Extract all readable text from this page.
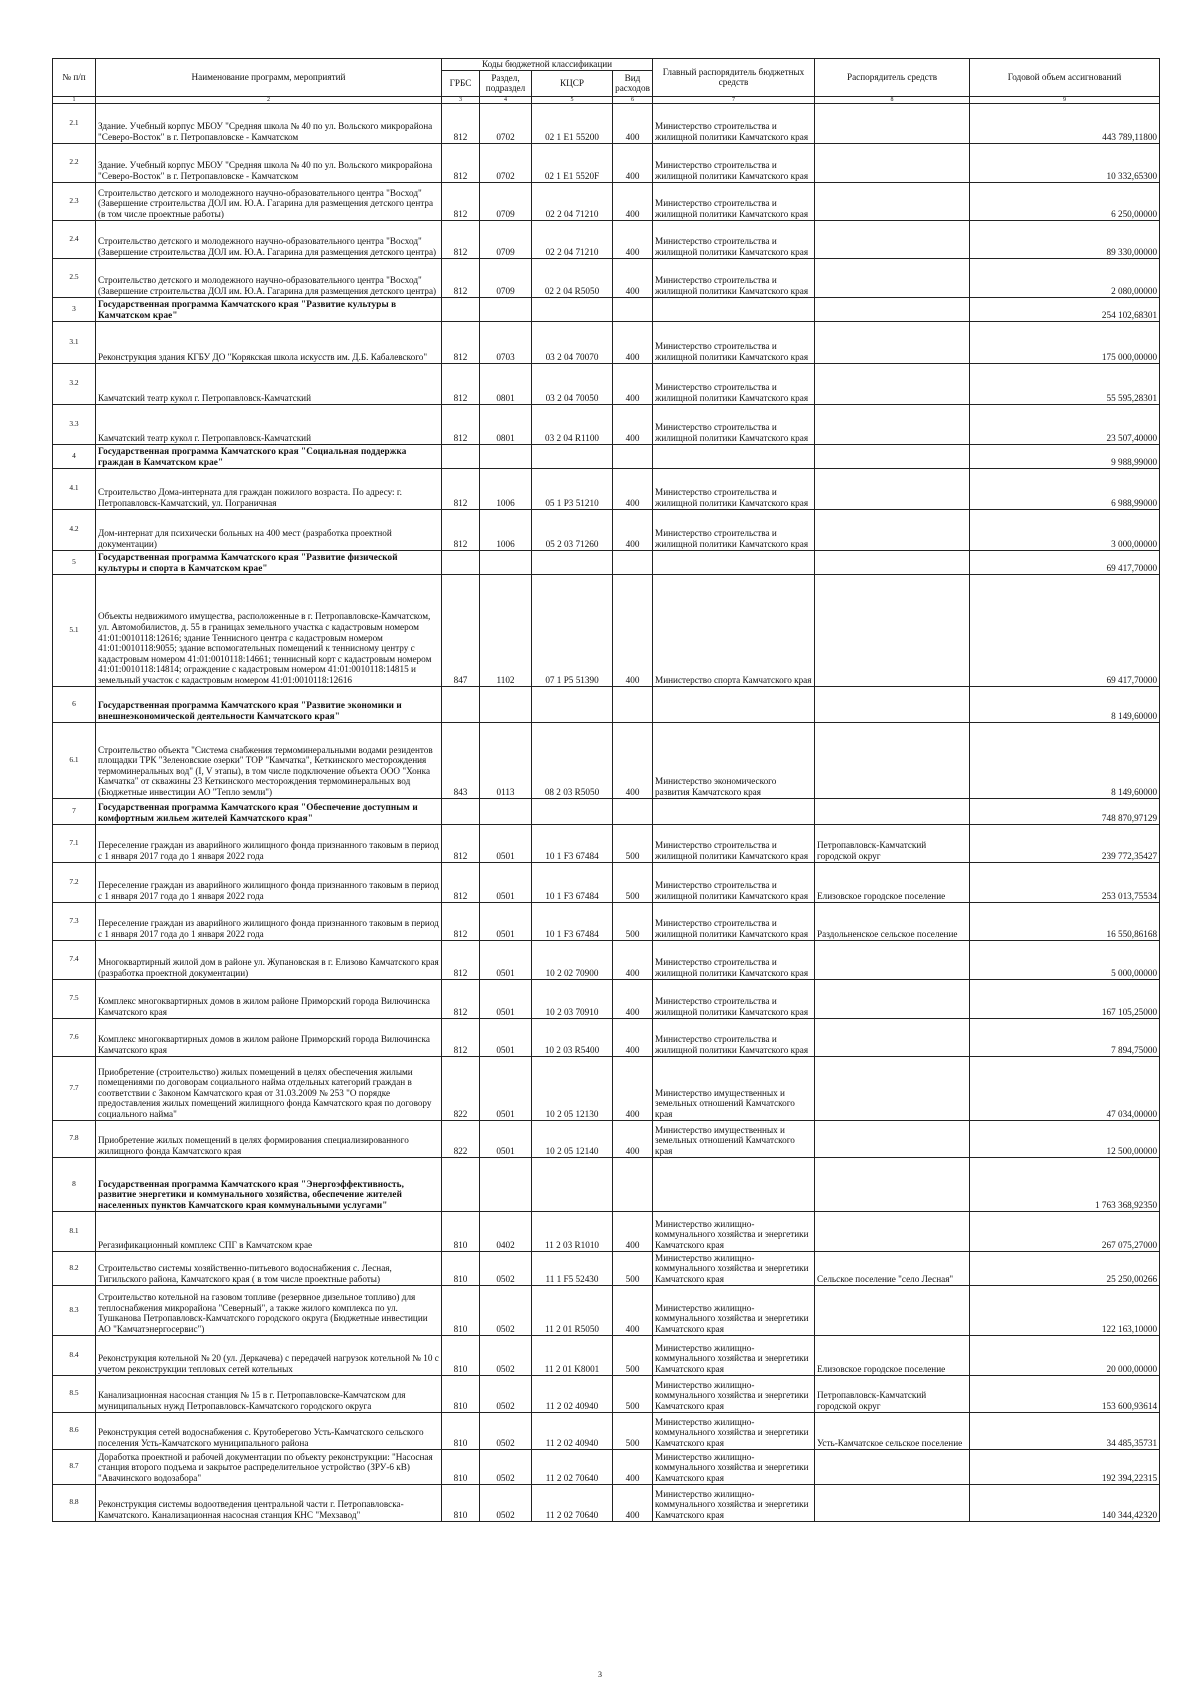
№ п/п	Наименование программ, мероприятий	Коды бюджетной классификации				Главный распорядитель бюджетных средств	Распорядитель средств	Годовой объем ассигнований
		ГРБС	Раздел, подраздел	КЦСР	Вид расходов			
1	2	3	4	5	6	7	8	9
2.1	Здание. Учебный корпус МБОУ "Средняя школа № 40 по ул. Вольского микрорайона "Северо-Восток" в г. Петропавловске - Камчатском	812	0702	02 1 Е1 55200	400	Министерство строительства и жилищной политики Камчатского края		443 789,11800
2.2	Здание. Учебный корпус МБОУ "Средняя школа № 40 по ул. Вольского микрорайона "Северо-Восток" в г. Петропавловске - Камчатском	812	0702	02 1 Е1 5520F	400	Министерство строительства и жилищной политики Камчатского края		10 332,65300
2.3	Строительство детского и молодежного научно-образовательного центра "Восход" (Завершение строительства ДОЛ им. Ю.А. Гагарина для размещения детского центра (в том числе проектные работы)	812	0709	02 2 04 71210	400	Министерство строительства и жилищной политики Камчатского края		6 250,00000
2.4	Строительство детского и молодежного научно-образовательного центра "Восход" (Завершение строительства ДОЛ им. Ю.А. Гагарина для размещения детского центра)	812	0709	02 2 04 71210	400	Министерство строительства и жилищной политики Камчатского края		89 330,00000
2.5	Строительство детского и молодежного научно-образовательного центра "Восход" (Завершение строительства ДОЛ им. Ю.А. Гагарина для размещения детского центра)	812	0709	02 2 04 R5050	400	Министерство строительства и жилищной политики Камчатского края		2 080,00000
3	Государственная программа Камчатского края "Развитие культуры в Камчатском крае"							254 102,68301
3.1	Реконструкция здания КГБУ ДО "Корякская школа искусств им. Д.Б. Кабалевского"	812	0703	03 2 04 70070	400	Министерство строительства и жилищной политики Камчатского края		175 000,00000
3.2	Камчатский театр кукол г. Петропавловск-Камчатский	812	0801	03 2 04 70050	400	Министерство строительства и жилищной политики Камчатского края		55 595,28301
3.3	Камчатский театр кукол г. Петропавловск-Камчатский	812	0801	03 2 04 R1100	400	Министерство строительства и жилищной политики Камчатского края		23 507,40000
4	Государственная программа Камчатского края "Социальная поддержка граждан в Камчатском крае"							9 988,99000
4.1	Строительство Дома-интерната для граждан пожилого возраста. По адресу: г. Петропавловск-Камчатский, ул. Пограничная	812	1006	05 1 Р3 51210	400	Министерство строительства и жилищной политики Камчатского края		6 988,99000
4.2	Дом-интернат для психически больных на 400 мест (разработка проектной документации)	812	1006	05 2 03 71260	400	Министерство строительства и жилищной политики Камчатского края		3 000,00000
5	Государственная программа Камчатского края "Развитие физической культуры и спорта в Камчатском крае"							69 417,70000
5.1	Объекты недвижимого имущества, расположенные в г. Петропавловске-Камчатском, ул. Автомобилистов, д. 55 в границах земельного участка с кадастровым номером 41:01:0010118:12616; здание Теннисного центра с кадастровым номером 41:01:0010118:9055; здание вспомогательных помещений к теннисному центру с кадастровым номером 41:01:0010118:14661; теннисный корт с кадастровым номером 41:01:0010118:14814; ограждение с кадастровым номером 41:01:0010118:14815 и земельный участок с кадастровым номером 41:01:0010118:12616	847	1102	07 1 Р5 51390	400	Министерство спорта Камчатского края		69 417,70000
6	Государственная программа Камчатского края "Развитие экономики и внешнеэкономической деятельности Камчатского края"							8 149,60000
6.1	Строительство объекта "Система снабжения термоминеральными водами резидентов площадки ТРК "Зеленовские озерки" ТОР "Камчатка", Кеткинского месторождения термоминеральных вод" (I, V этапы), в том числе подключение объекта ООО "Хонка Камчатка" от скважины 23 Кеткинского месторождения термоминеральных вод (Бюджетные инвестиции АО "Тепло земли")	843	0113	08 2 03 R5050	400	Министерство экономического развития Камчатского края		8 149,60000
7	Государственная программа Камчатского края "Обеспечение доступным и комфортным жильем жителей Камчатского края"							748 870,97129
7.1	Переселение граждан из аварийного жилищного фонда признанного таковым в период с 1 января 2017 года до 1 января 2022 года	812	0501	10 1 F3 67484	500	Министерство строительства и жилищной политики Камчатского края	Петропавловск-Камчатский городской округ	239 772,35427
7.2	Переселение граждан из аварийного жилищного фонда признанного таковым в период с 1 января 2017 года до 1 января 2022 года	812	0501	10 1 F3 67484	500	Министерство строительства и жилищной политики Камчатского края	Елизовское городское поселение	253 013,75534
7.3	Переселение граждан из аварийного жилищного фонда признанного таковым в период с 1 января 2017 года до 1 января 2022 года	812	0501	10 1 F3 67484	500	Министерство строительства и жилищной политики Камчатского края	Раздольненское сельское поселение	16 550,86168
7.4	Многоквартирный жилой дом в районе ул. Жупановская в г. Елизово Камчатского края (разработка проектной документации)	812	0501	10 2 02 70900	400	Министерство строительства и жилищной политики Камчатского края		5 000,00000
7.5	Комплекс многоквартирных домов в жилом районе Приморский города Вилючинска Камчатского края	812	0501	10 2 03 70910	400	Министерство строительства и жилищной политики Камчатского края		167 105,25000
7.6	Комплекс многоквартирных домов в жилом районе Приморский города Вилючинска Камчатского края	812	0501	10 2 03 R5400	400	Министерство строительства и жилищной политики Камчатского края		7 894,75000
7.7	Приобретение (строительство) жилых помещений в целях обеспечения жилыми помещениями по договорам социального найма отдельных категорий граждан в соответствии с Законом Камчатского края от 31.03.2009 № 253 "О порядке предоставления жилых помещений жилищного фонда Камчатского края по договору социального найма"	822	0501	10 2 05 12130	400	Министерство имущественных и земельных отношений Камчатского края		47 034,00000
7.8	Приобретение жилых помещений в целях формирования специализированного жилищного фонда Камчатского края	822	0501	10 2 05 12140	400	Министерство имущественных и земельных отношений Камчатского края		12 500,00000
8	Государственная программа Камчатского края "Энергоэффективность, развитие энергетики и коммунального хозяйства, обеспечение жителей населенных пунктов Камчатского края коммунальными услугами"							1 763 368,92350
8.1	Регазификационный комплекс СПГ в Камчатском крае	810	0402	11 2 03 R1010	400	Министерство жилищно-коммунального хозяйства и энергетики Камчатского края		267 075,27000
8.2	Строительство системы хозяйственно-питьевого водоснабжения с. Лесная, Тигильского района, Камчатского края ( в том числе проектные работы)	810	0502	11 1 F5 52430	500	Министерство жилищно-коммунального хозяйства и энергетики Камчатского края	Сельское поселение "село Лесная"	25 250,00266
8.3	Строительство котельной на газовом топливе (резервное дизельное топливо) для теплоснабжения микрорайона "Северный", а также жилого комплекса по ул. Тушканова Петропавловск-Камчатского городского округа (Бюджетные инвестиции АО "Камчатэнергосервис")	810	0502	11 2 01 R5050	400	Министерство жилищно-коммунального хозяйства и энергетики Камчатского края		122 163,10000
8.4	Реконструкция котельной № 20 (ул. Деркачева) с передачей нагрузок котельной № 10 с учетом реконструкции тепловых сетей котельных	810	0502	11 2 01 K8001	500	Министерство жилищно-коммунального хозяйства и энергетики Камчатского края	Елизовское городское поселение	20 000,00000
8.5	Канализационная насосная станция № 15 в г. Петропавловске-Камчатском для муниципальных нужд Петропавловск-Камчатского городского округа	810	0502	11 2 02 40940	500	Министерство жилищно-коммунального хозяйства и энергетики Камчатского края	Петропавловск-Камчатский городской округ	153 600,93614
8.6	Реконструкция сетей водоснабжения с. Крутоберегово Усть-Камчатского сельского поселения Усть-Камчатского муниципального района	810	0502	11 2 02 40940	500	Министерство жилищно-коммунального хозяйства и энергетики Камчатского края	Усть-Камчатское сельское поселение	34 485,35731
8.7	Доработка проектной и рабочей документации по объекту реконструкции: "Насосная станция второго подъема и закрытое распределительное устройство (ЗРУ-6 кВ) "Авачинского водозабора"	810	0502	11 2 02 70640	400	Министерство жилищно-коммунального хозяйства и энергетики Камчатского края		192 394,22315
8.8	Реконструкция системы водоотведения центральной части г. Петропавловска-Камчатского. Канализационная насосная станция КНС "Мехзавод"	810	0502	11 2 02 70640	400	Министерство жилищно-коммунального хозяйства и энергетики Камчатского края		140 344,42320
3
